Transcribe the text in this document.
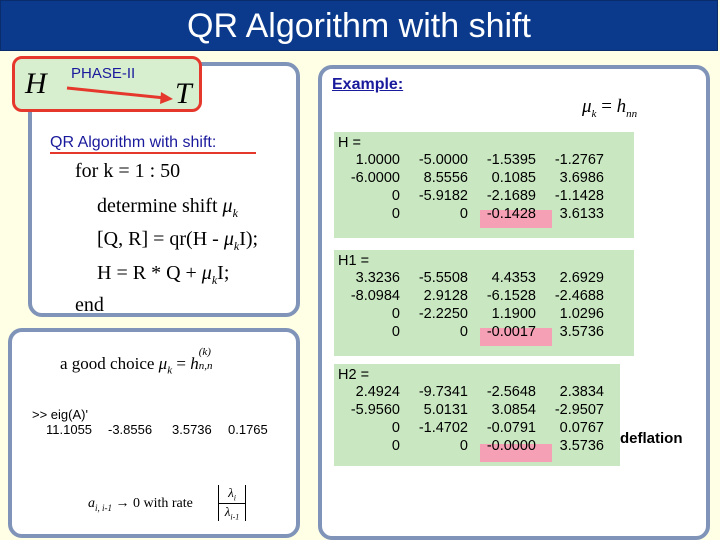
QR Algorithm with shift
PHASE-II
H	T
QR Algorithm with shift:
for k = 1 : 50
determine shift $\mu_k$
[Q, $R] = qr(H - \mu_kI)$;
$H = R * Q + \mu_kI$;
end
a good choice $\mu_k = h$
(k)
n,n
>> eig(A)'
11.1055 -3.8556 3.5736 0.1765
$a_{i, i-1} \to 0$ with rate
$\lambda_i$
$\lambda_{i-1}$
Example:
$\mu_k = h_{nn}$
H =
1.0000	-5.0000	-1.5395	-1.2767
-6.0000	8.5556	0.1085	3.6986
0	-5.9182	-2.1689	-1.1428
0	0	-0.1428	3.6133
H1 =
3.3236	-5.5508	4.4353	2.6929
-8.0984	2.9128	-6.1528	-2.4688
0	-2.2250	1.1900	1.0296
0	0	-0.0017	3.5736
H2 =
2.4924	-9.7341	-2.5648	2.3834
-5.9560	5.0131	3.0854	-2.9507
0	-1.4702	-0.0791	0.0767
0	0	-0.0000	3.5736 deflation
